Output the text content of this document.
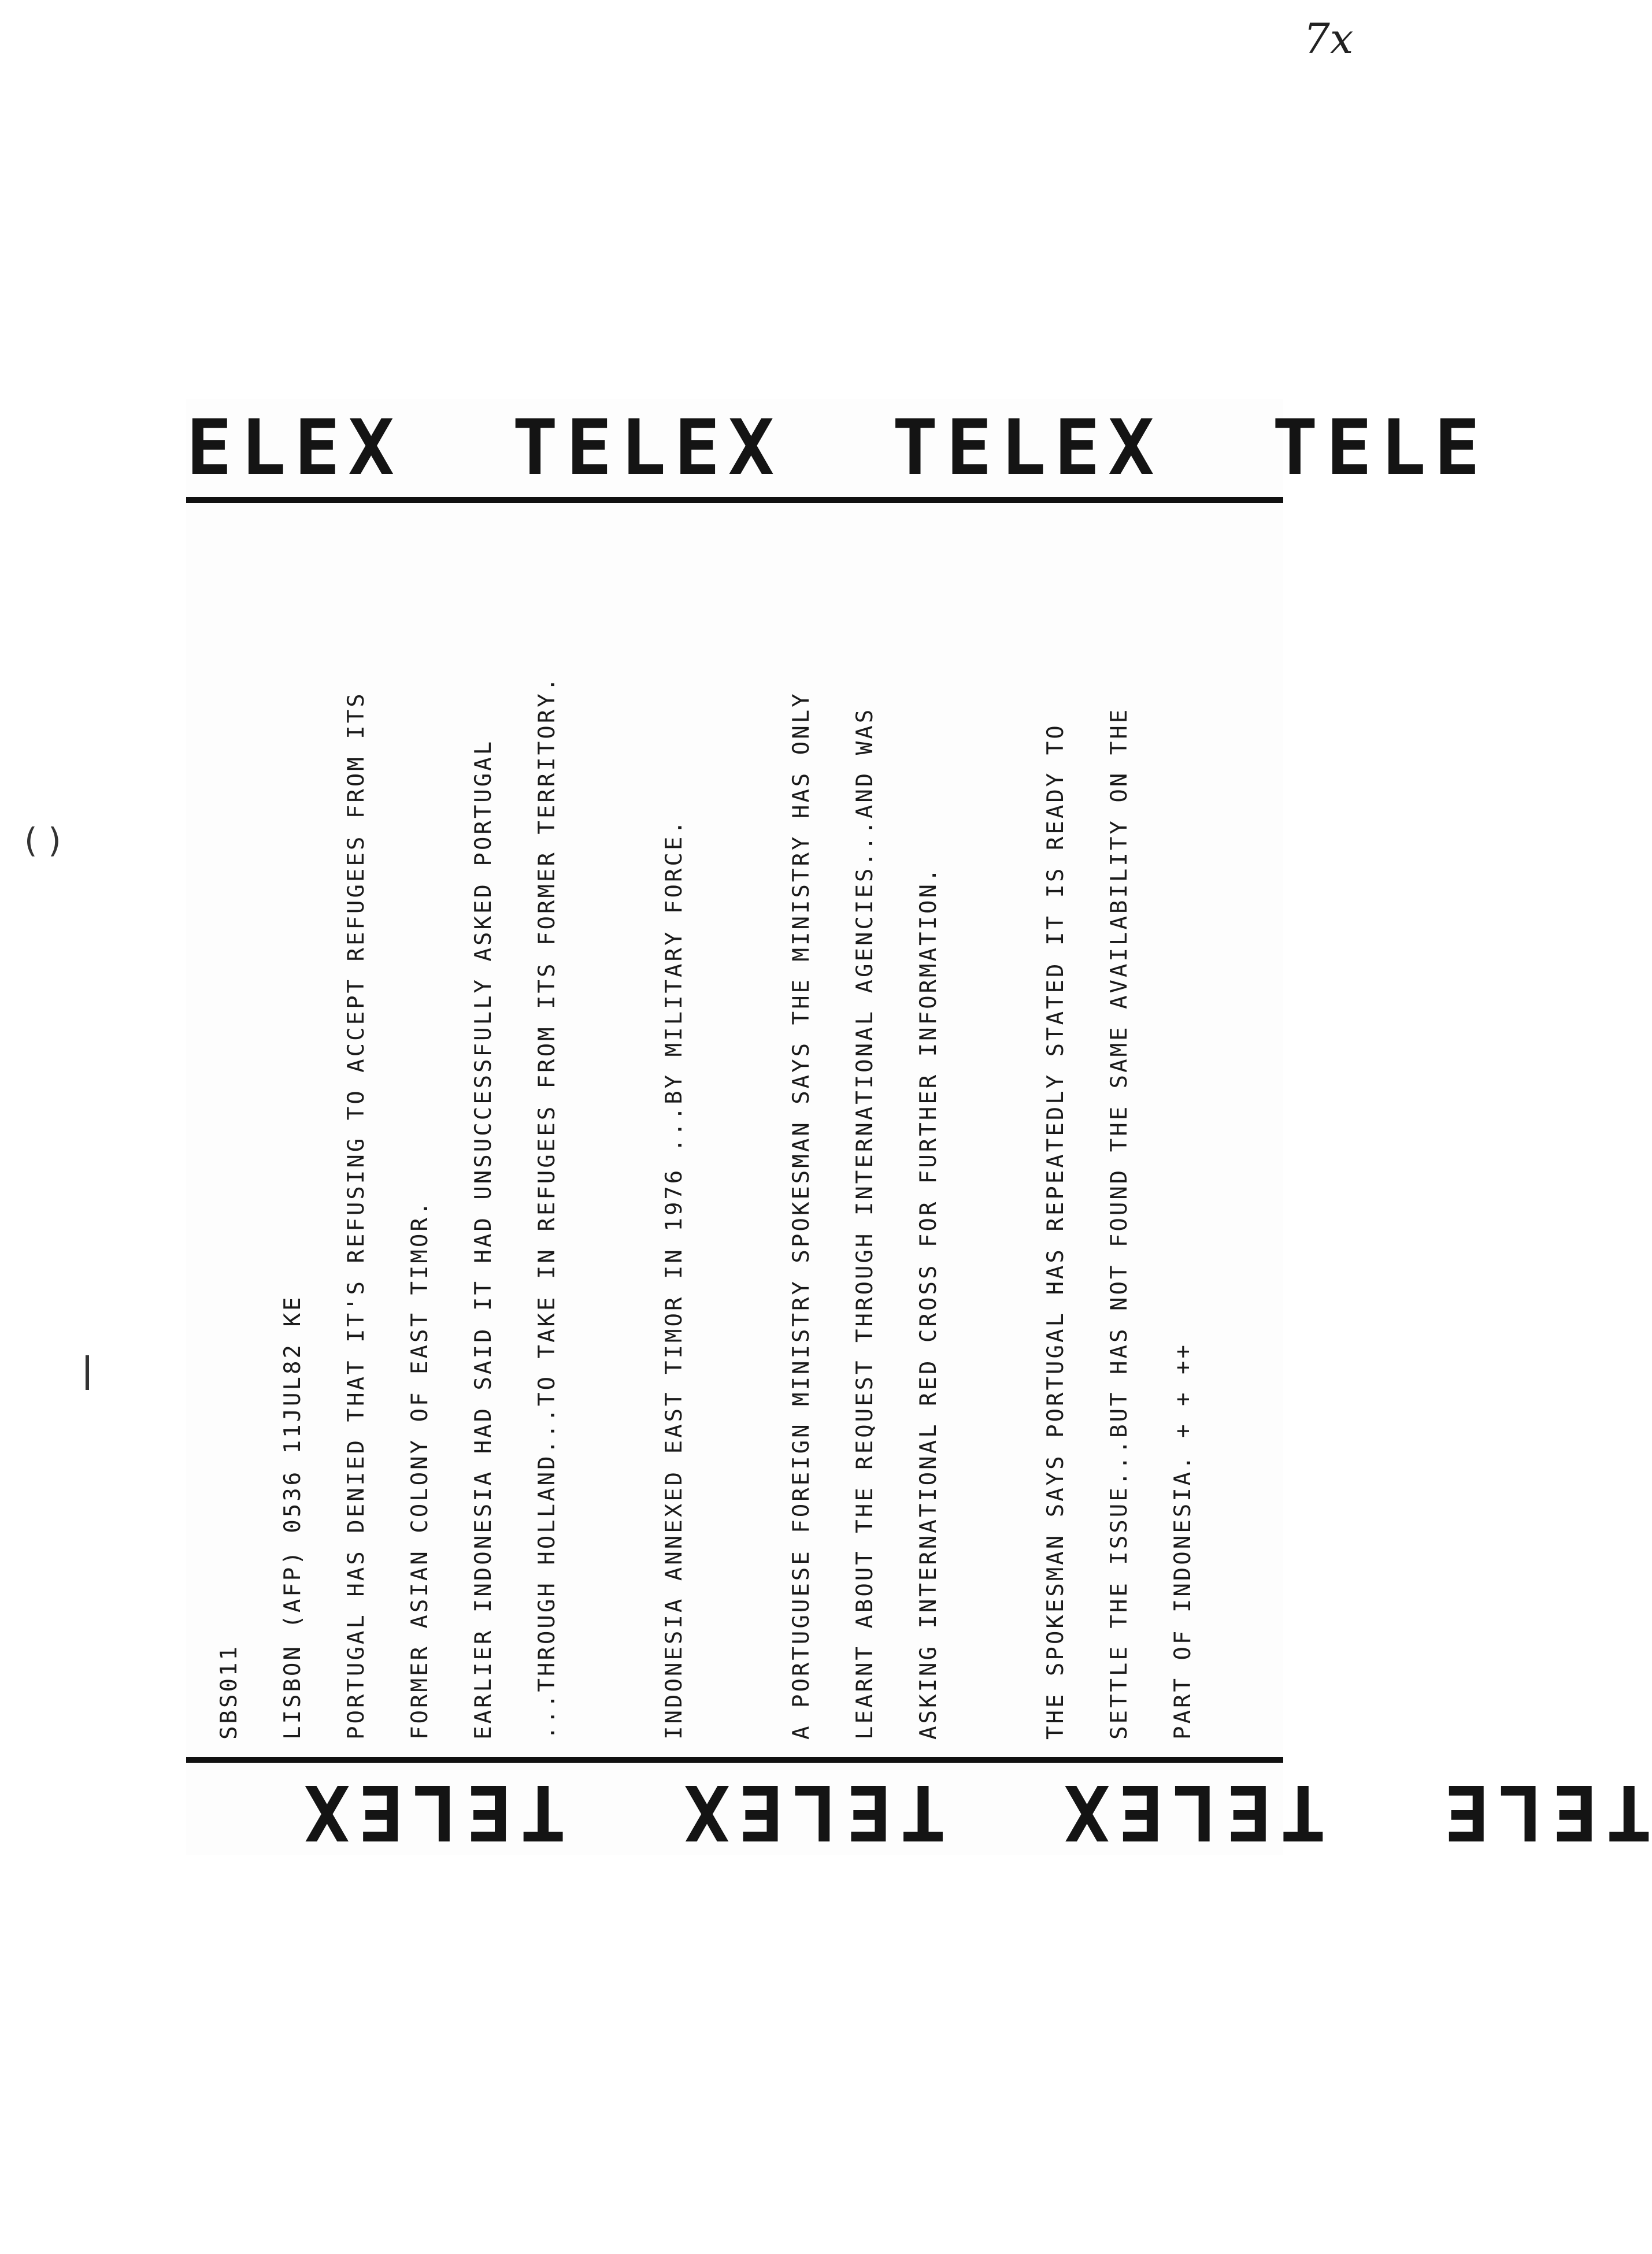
7x
( )
ELEX TELEX TELEX TELE
SBS011	LISBON (AFP) 0536 11JUL82 KE	PORTUGAL HAS DENIED THAT IT'S REFUSING TO ACCEPT REFUGEES FROM ITS	FORMER ASIAN COLONY OF EAST TIMOR.	EARLIER INDONESIA HAD SAID IT HAD UNSUCCESSFULLY ASKED PORTUGAL	...THROUGH HOLLAND...TO TAKE IN REFUGEES FROM ITS FORMER TERRITORY.	INDONESIA ANNEXED EAST TIMOR IN 1976 ...BY MILITARY FORCE.	A PORTUGUESE FOREIGN MINISTRY SPOKESMAN SAYS THE MINISTRY HAS ONLY	LEARNT ABOUT THE REQUEST THROUGH INTERNATIONAL AGENCIES...AND WAS	ASKING INTERNATIONAL RED CROSS FOR FURTHER INFORMATION.	THE SPOKESMAN SAYS PORTUGAL HAS REPEATEDLY STATED IT IS READY TO	SETTLE THE ISSUE...BUT HAS NOT FOUND THE SAME AVAILABILITY ON THE	PART OF INDONESIA. + + ++
TELETELEXTELEXTELEX
